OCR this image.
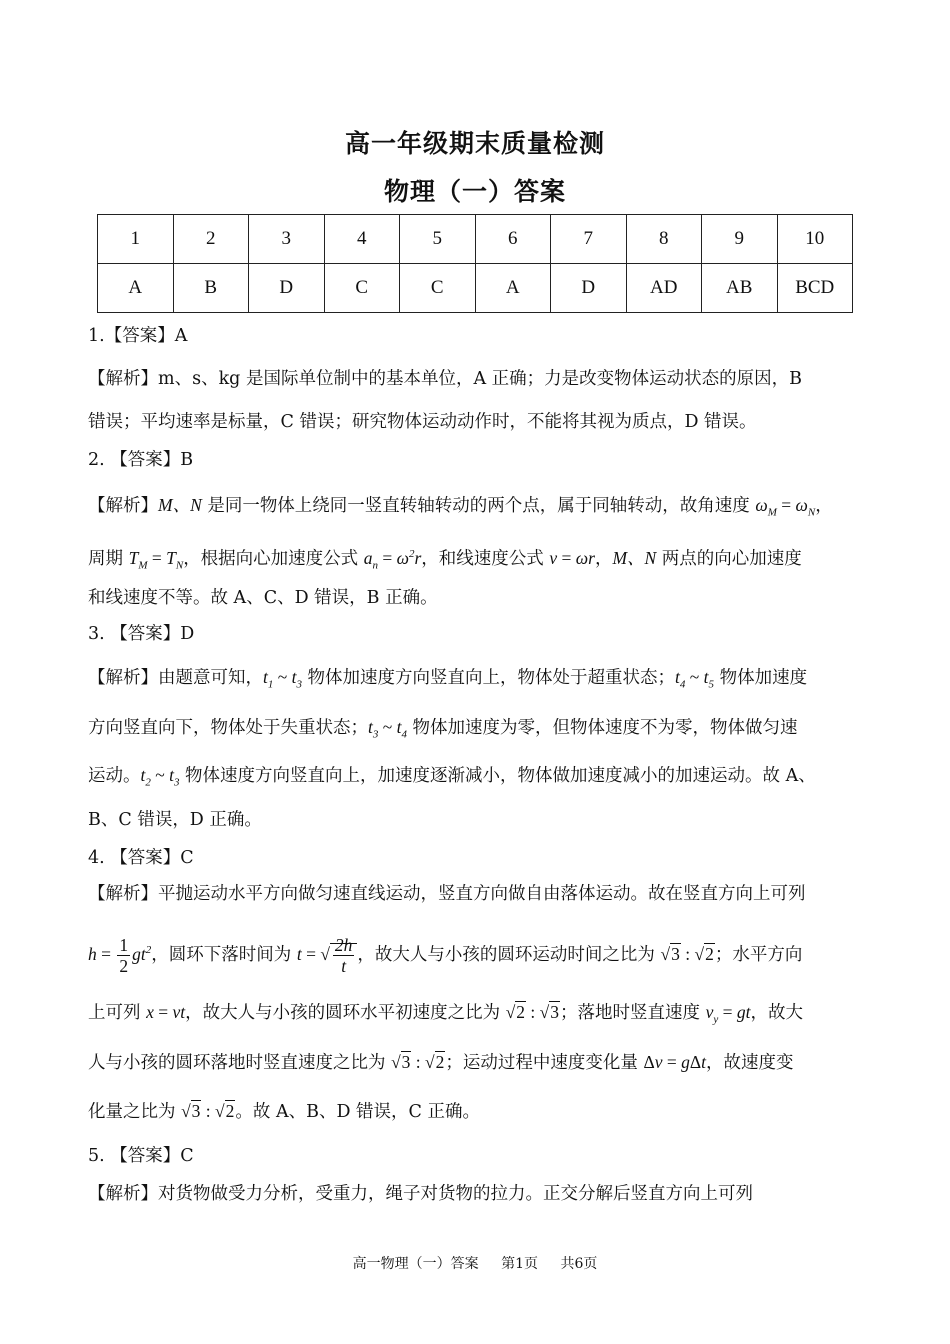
高一年级期末质量检测
物理（一）答案
1	2	3	4	5	6	7	8	9	10
A	B	D	C	C	A	D	AD	AB	BCD
1.【答案】A
【解析】m、s、kg 是国际单位制中的基本单位，A 正确；力是改变物体运动状态的原因，B
错误；平均速率是标量，C 错误；研究物体运动动作时，不能将其视为质点，D 错误。
2. 【答案】B
【解析】M、N 是同一物体上绕同一竖直转轴转动的两个点，属于同轴转动，故角速度 $\omega_M = \omega_N$，
周期 $T_M = T_N$，根据向心加速度公式 $a_n = \omega^2r$，和线速度公式 v = ωr，M、N 两点的向心加速度
和线速度不等。故 A、C、D 错误，B 正确。
3. 【答案】D
【解析】由题意可知，$t_1$ ~ $t_3$ 物体加速度方向竖直向上，物体处于超重状态；$t_4$ ~ $t_5$ 物体加速度
方向竖直向下，物体处于失重状态；$t_3$ ~ $t_4$ 物体加速度为零，但物体速度不为零，物体做匀速
运动。$t_2$ ~ $t_3$ 物体速度方向竖直向上，加速度逐渐减小，物体做加速度减小的加速运动。故 A、
B、C 错误，D 正确。
4. 【答案】C
【解析】平抛运动水平方向做匀速直线运动，竖直方向做自由落体运动。故在竖直方向上可列
$h = \frac{1}{2} gt^2$，圆环下落时间为 t = √ $\frac{2h}{t}$ ，故大人与小孩的圆环运动时间之比为 √3 : √2；水平方向
上可列 x = vt，故大人与小孩的圆环水平初速度之比为 √2 : √3；落地时竖直速度 $v_y$ = gt，故大
人与小孩的圆环落地时竖直速度之比为 √3 : √2；运动过程中速度变化量 Δv = gΔt，故速度变
化量之比为 √3 : √2。故 A、B、D 错误，C 正确。
5. 【答案】C
【解析】对货物做受力分析，受重力，绳子对货物的拉力。正交分解后竖直方向上可列
高一物理（一）答案 第1页 共6页
